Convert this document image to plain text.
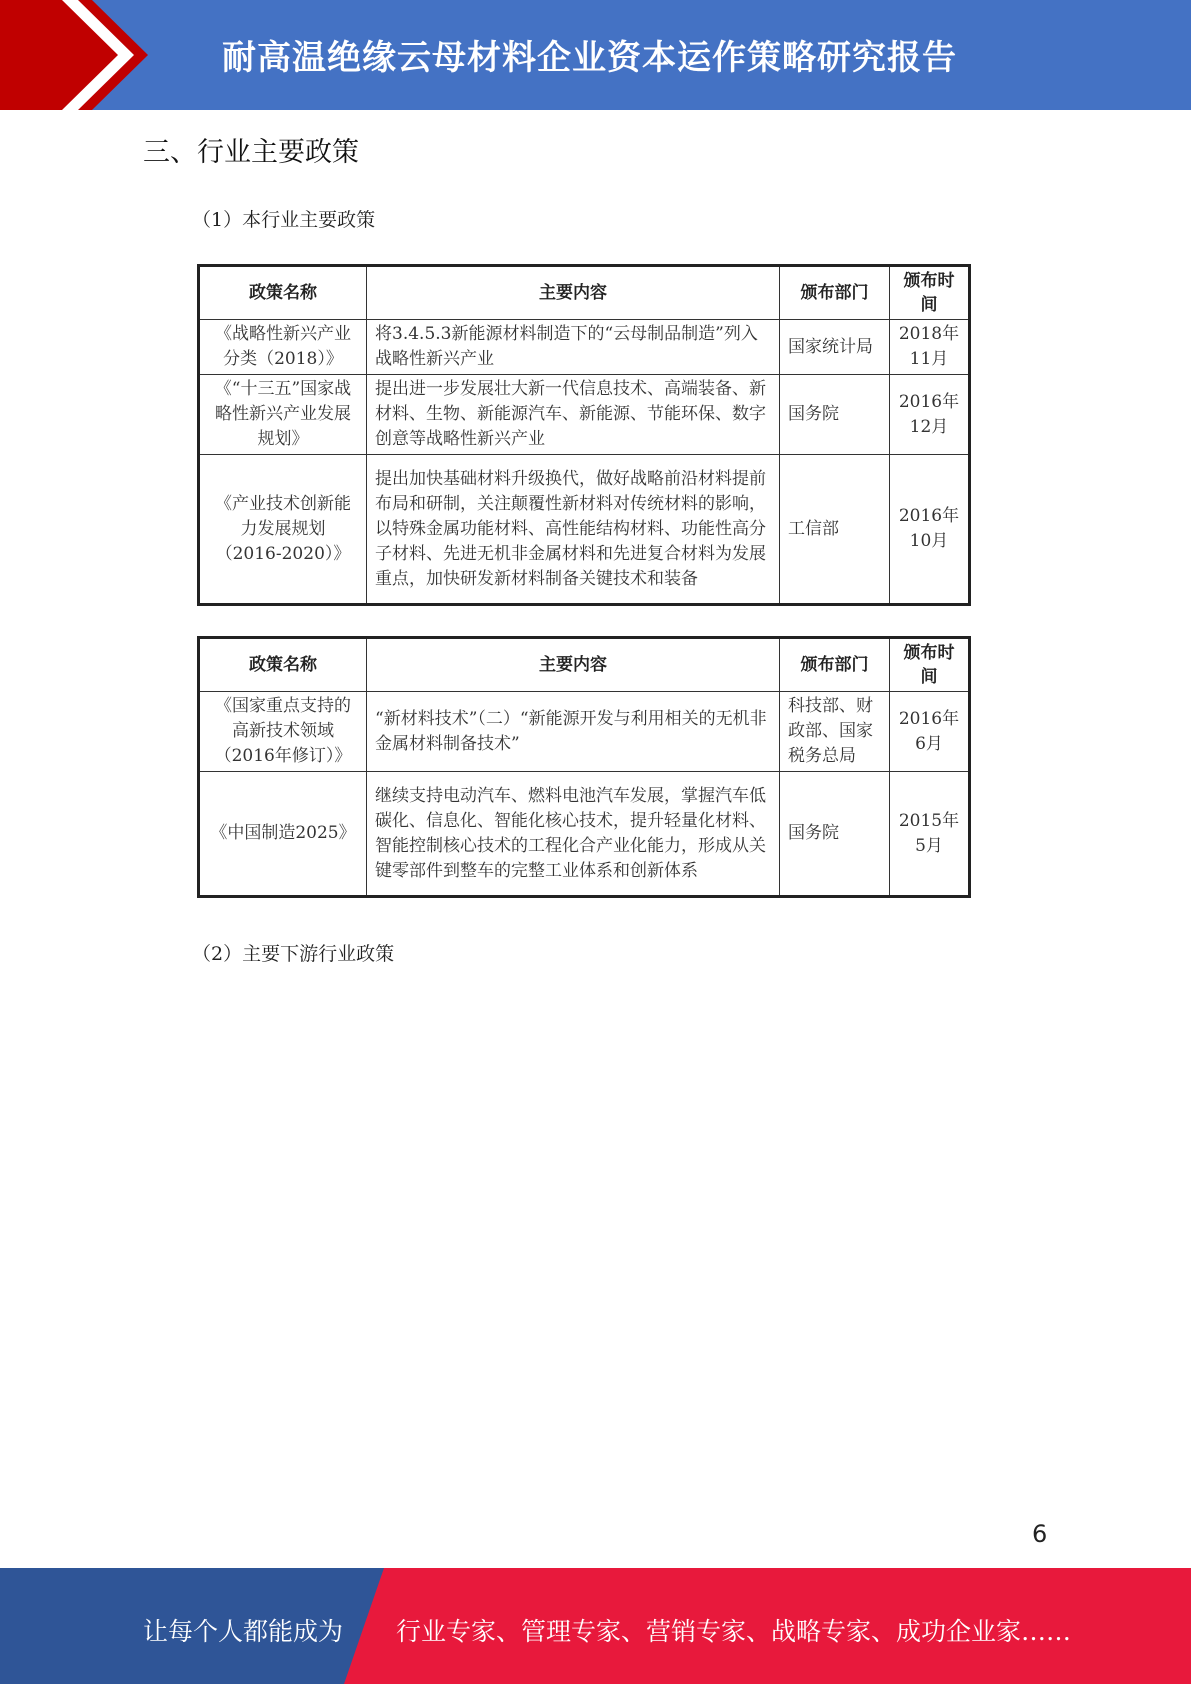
耐高温绝缘云母材料企业资本运作策略研究报告
三、行业主要政策
（1）本行业主要政策
政策名称	主要内容	颁布部门	颁布时间
《战略性新兴产业分类（2018）》	将3.4.5.3新能源材料制造下的“云母制品制造”列入战略性新兴产业	国家统计局	2018年11月
《“十三五”国家战略性新兴产业发展规划》	提出进一步发展壮大新一代信息技术、高端装备、新材料、生物、新能源汽车、新能源、节能环保、数字创意等战略性新兴产业	国务院	2016年12月
《产业技术创新能力发展规划（2016-2020）》	提出加快基础材料升级换代，做好战略前沿材料提前布局和研制，关注颠覆性新材料对传统材料的影响，以特殊金属功能材料、高性能结构材料、功能性高分子材料、先进无机非金属材料和先进复合材料为发展重点，加快研发新材料制备关键技术和装备	工信部	2016年10月
政策名称	主要内容	颁布部门	颁布时间
《国家重点支持的高新技术领域（2016年修订）》	“新材料技术”（二）“新能源开发与利用相关的无机非金属材料制备技术”	科技部、财政部、国家税务总局	2016年6月
《中国制造2025》	继续支持电动汽车、燃料电池汽车发展，掌握汽车低碳化、信息化、智能化核心技术，提升轻量化材料、智能控制核心技术的工程化合产业化能力，形成从关键零部件到整车的完整工业体系和创新体系	国务院	2015年5月
（2）主要下游行业政策
6
让每个人都能成为 行业专家、管理专家、营销专家、战略专家、成功企业家……
